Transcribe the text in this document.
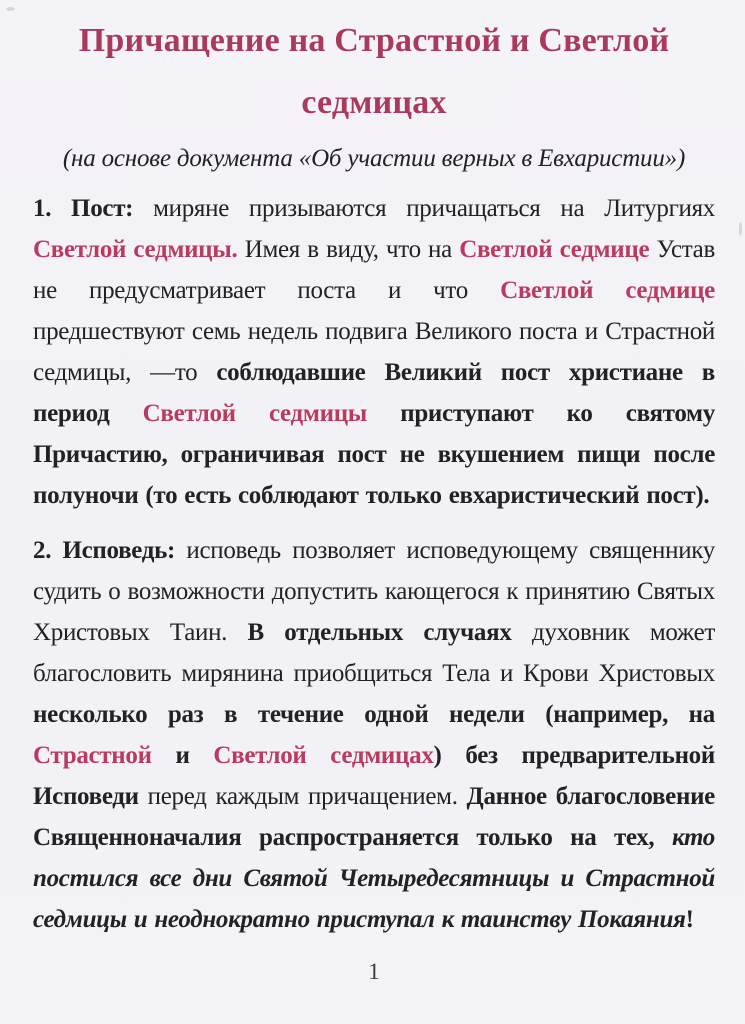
Причащение на Страстной и Светлой
седмицах

(на основе документа «Об участии верных в Евхаристии»)

1. Пост: миряне призываются причащаться на Литургиях Светлой седмицы. Имея в виду, что на Светлой седмице Устав не предусматривает поста и что Светлой седмице предшествуют семь недель подвига Великого поста и Страстной седмицы, —то соблюдавшие Великий пост христиане в период Светлой седмицы приступают ко святому Причастию, ограничивая пост не вкушением пищи после полуночи (то есть соблюдают только евхаристический пост).

2. Исповедь: исповедь позволяет исповедующему священнику судить о возможности допустить кающегося к принятию Святых Христовых Таин. В отдельных случаях духовник может благословить мирянина приобщиться Тела и Крови Христовых несколько раз в течение одной недели (например, на Страстной и Светлой седмицах) без предварительной Исповеди перед каждым причащением. Данное благословение Священноначалия распространяется только на тех, кто постился все дни Святой Четыредесятницы и Страстной седмицы и неоднократно приступал к таинству Покаяния!

1
